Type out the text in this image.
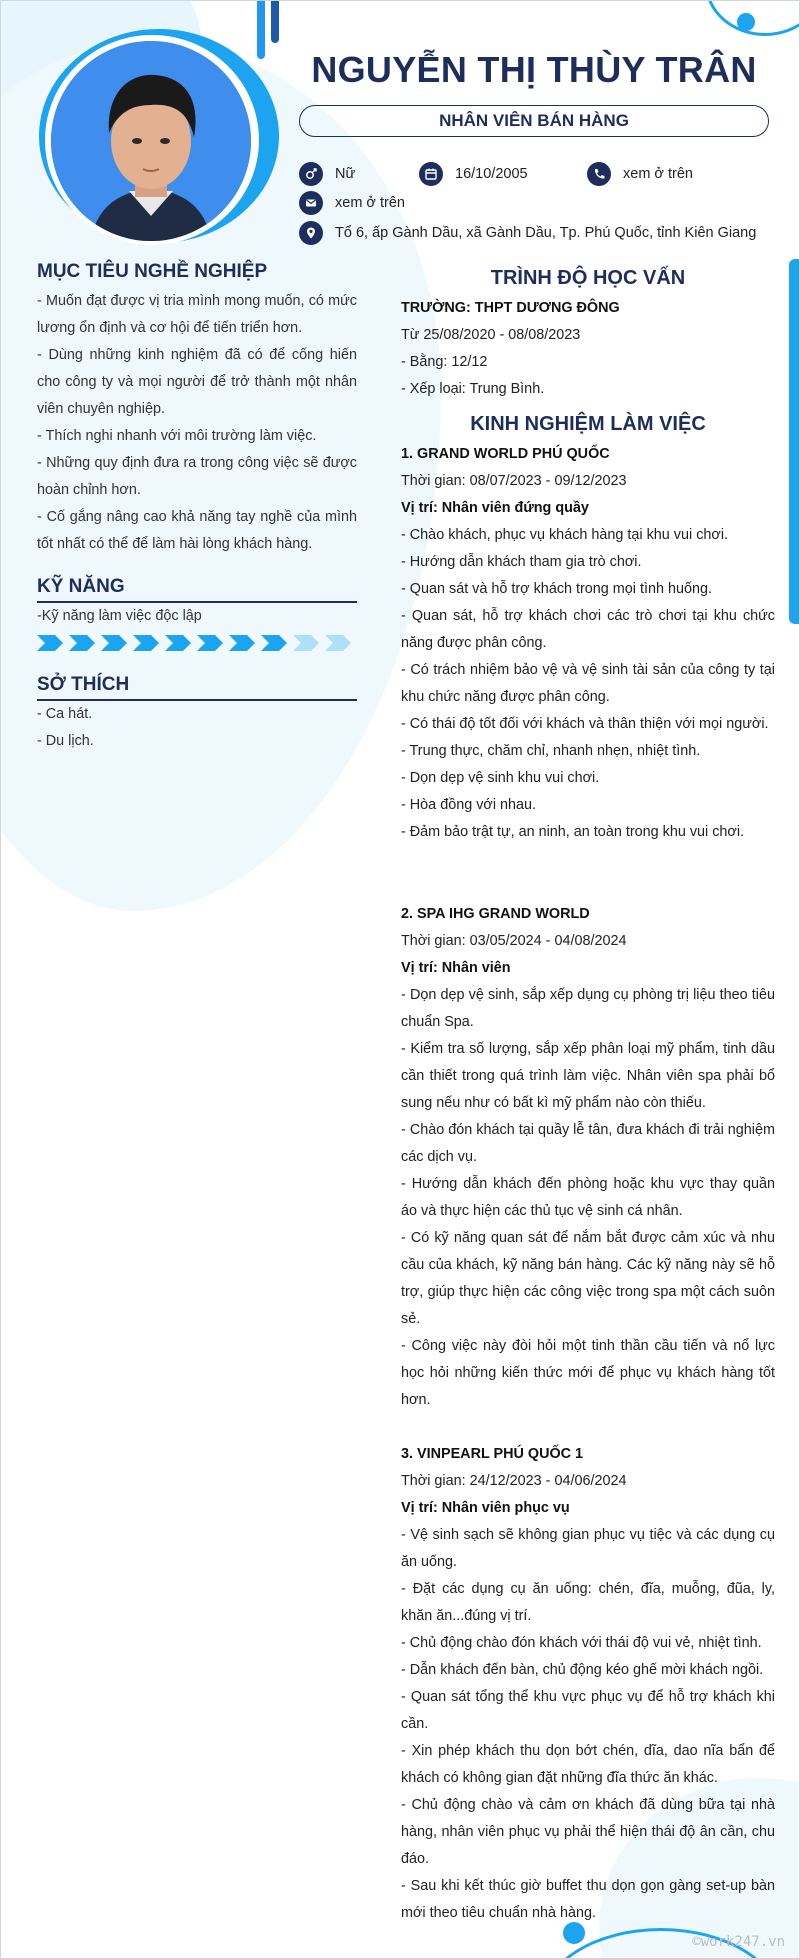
NGUYỄN THỊ THÙY TRÂN
NHÂN VIÊN BÁN HÀNG
Nữ	16/10/2005	xem ở trên
xem ở trên
Tổ 6, ấp Gành Dầu, xã Gành Dầu, Tp. Phú Quốc, tỉnh Kiên Giang
MỤC TIÊU NGHỀ NGHIỆP

- Muốn đạt được vị tria mình mong muốn, có mức lương ổn định và cơ hội để tiến triển hơn.

- Dùng những kinh nghiệm đã có để cống hiến cho công ty và mọi người để trở thành một nhân viên chuyên nghiệp.

- Thích nghi nhanh với môi trường làm việc.

- Những quy định đưa ra trong công việc sẽ được hoàn chỉnh hơn.

- Cố gắng nâng cao khả năng tay nghề của mình tốt nhất có thể để làm hài lòng khách hàng.

KỸ NĂNG

-Kỹ năng làm việc độc lập

SỞ THÍCH

- Ca hát.

- Du lịch.

TRÌNH ĐỘ HỌC VẤN

TRƯỜNG: THPT DƯƠNG ĐÔNG

Từ 25/08/2020 - 08/08/2023

- Bằng: 12/12

- Xếp loại: Trung Bình.

KINH NGHIỆM LÀM VIỆC

1. GRAND WORLD PHÚ QUỐC

Thời gian: 08/07/2023 - 09/12/2023

Vị trí: Nhân viên đứng quầy

- Chào khách, phục vụ khách hàng tại khu vui chơi.

- Hướng dẫn khách tham gia trò chơi.

- Quan sát và hỗ trợ khách trong mọi tình huống.

- Quan sát, hỗ trợ khách chơi các trò chơi tại khu chức năng được phân công.

- Có trách nhiệm bảo vệ và vệ sinh tài sản của công ty tại khu chức năng được phân công.

- Có thái độ tốt đối với khách và thân thiện với mọi người.

- Trung thực, chăm chỉ, nhanh nhẹn, nhiệt tình.

- Dọn dẹp vệ sinh khu vui chơi.

- Hòa đồng với nhau.

- Đảm bảo trật tự, an ninh, an toàn trong khu vui chơi.

2. SPA IHG GRAND WORLD

Thời gian: 03/05/2024 - 04/08/2024

Vị trí: Nhân viên

- Dọn dẹp vệ sinh, sắp xếp dụng cụ phòng trị liệu theo tiêu chuẩn Spa.

- Kiểm tra số lượng, sắp xếp phân loại mỹ phẩm, tinh dầu cần thiết trong quá trình làm việc. Nhân viên spa phải bổ sung nếu như có bất kì mỹ phẩm nào còn thiếu.

- Chào đón khách tại quầy lễ tân, đưa khách đi trải nghiệm các dịch vụ.

- Hướng dẫn khách đến phòng hoặc khu vực thay quần áo và thực hiện các thủ tục vệ sinh cá nhân.

- Có kỹ năng quan sát để nắm bắt được cảm xúc và nhu cầu của khách, kỹ năng bán hàng. Các kỹ năng này sẽ hỗ trợ, giúp thực hiện các công việc trong spa một cách suôn sẻ.

- Công việc này đòi hỏi một tinh thần cầu tiến và nổ lực học hỏi những kiến thức mới để phục vụ khách hàng tốt hơn.

3. VINPEARL PHÚ QUỐC 1

Thời gian: 24/12/2023 - 04/06/2024

Vị trí: Nhân viên phục vụ

- Vệ sinh sạch sẽ không gian phục vụ tiệc và các dụng cụ ăn uống.

- Đặt các dụng cụ ăn uống: chén, đĩa, muỗng, đũa, ly, khăn ăn...đúng vị trí.

- Chủ động chào đón khách với thái độ vui vẻ, nhiệt tình.

- Dẫn khách đến bàn, chủ động kéo ghế mời khách ngồi.

- Quan sát tổng thể khu vực phục vụ để hỗ trợ khách khi cần.

- Xin phép khách thu dọn bớt chén, dĩa, dao nĩa bẩn để khách có không gian đặt những đĩa thức ăn khác.

- Chủ động chào và cảm ơn khách đã dùng bữa tại nhà hàng, nhân viên phục vụ phải thể hiện thái độ ân cần, chu đáo.

- Sau khi kết thúc giờ buffet thu dọn gọn gàng set-up bàn mới theo tiêu chuẩn nhà hàng.

©work247.vn
